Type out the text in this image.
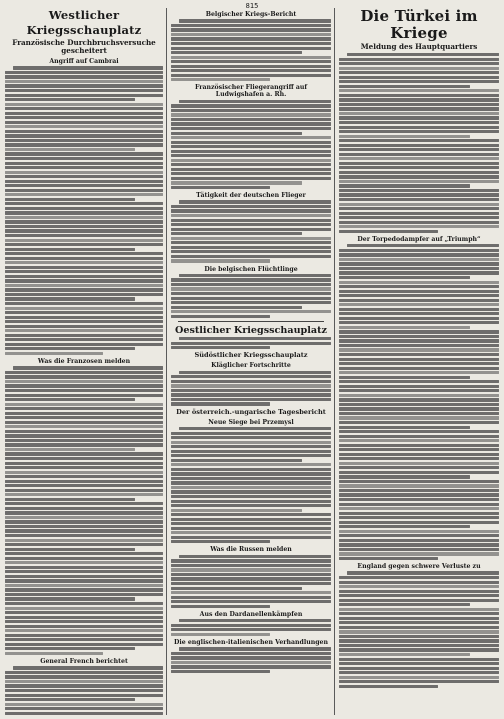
815
Westlicher Kriegsschauplatz
Französische Durchbruchsversuche gescheitert
Angriff auf Cambrai
Was die Franzosen melden
General French berichtet
Belgischer Kriegs-Bericht
Französischer Fliegerangriff auf Ludwigshafen a. Rh.
Tätigkeit der deutschen Flieger
Die belgischen Flüchtlinge
Oestlicher Kriegsschauplatz
Südöstlicher Kriegsschauplatz
Kläglicher Fortschritte
Der österreich.-ungarische Tagesbericht
Neue Siege bei Przemysl
Was die Russen melden
Aus den Dardanellenkämpfen
Die englischen-italienischen Verhandlungen
Die Türkei im Kriege
Meldung des Hauptquartiers
Der Torpedodampfer auf „Triumph“
England gegen schwere Verluste zu
